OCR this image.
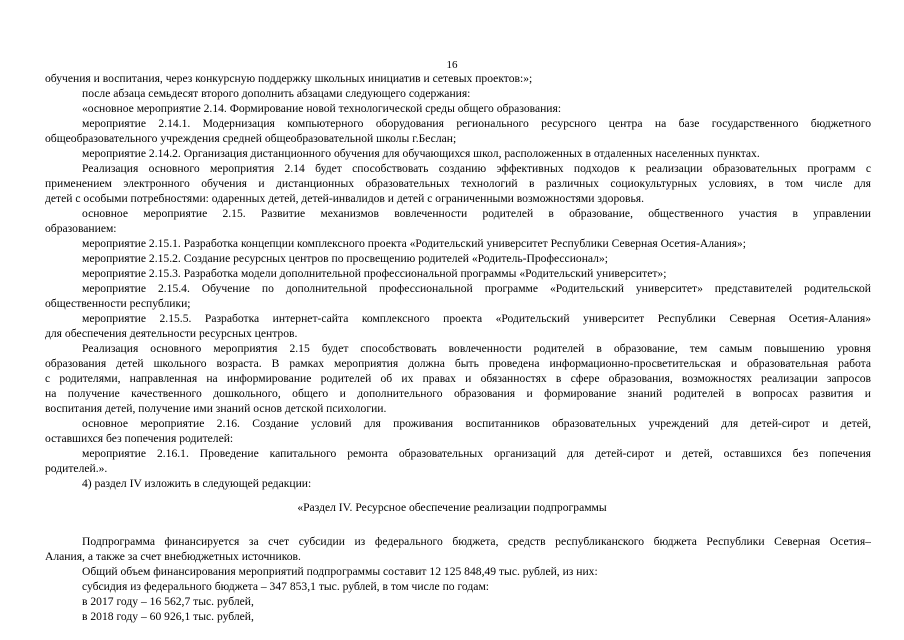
16
обучения и воспитания, через конкурсную поддержку школьных инициатив и сетевых проектов:»;
после абзаца семьдесят второго дополнить абзацами следующего содержания:
«основное мероприятие 2.14. Формирование новой технологической среды общего образования:
мероприятие 2.14.1. Модернизация компьютерного оборудования регионального ресурсного центра на базе государственного бюджетного
общеобразовательного учреждения средней общеобразовательной школы г.Беслан;
мероприятие 2.14.2. Организация дистанционного обучения для обучающихся школ, расположенных в отдаленных населенных пунктах.
Реализация основного мероприятия 2.14 будет способствовать созданию эффективных подходов к реализации образовательных программ с
применением электронного обучения и дистанционных образовательных технологий в различных социокультурных условиях, в том числе для
детей с особыми потребностями: одаренных детей, детей-инвалидов и детей с ограниченными возможностями здоровья.
основное мероприятие 2.15. Развитие механизмов вовлеченности родителей в образование, общественного участия в управлении
образованием:
мероприятие 2.15.1. Разработка концепции комплексного проекта «Родительский университет Республики Северная Осетия-Алания»;
мероприятие 2.15.2. Создание ресурсных центров по просвещению родителей «Родитель-Профессионал»;
мероприятие 2.15.3. Разработка модели дополнительной профессиональной программы «Родительский университет»;
мероприятие 2.15.4. Обучение по дополнительной профессиональной программе «Родительский университет» представителей родительской
общественности республики;
мероприятие 2.15.5. Разработка интернет-сайта комплексного проекта «Родительский университет Республики Северная Осетия-Алания»
для обеспечения деятельности ресурсных центров.
Реализация основного мероприятия 2.15 будет способствовать вовлеченности родителей в образование, тем самым повышению уровня
образования детей школьного возраста. В рамках мероприятия должна быть проведена информационно-просветительская и образовательная работа
с родителями, направленная на информирование родителей об их правах и обязанностях в сфере образования, возможностях реализации запросов
на получение качественного дошкольного, общего и дополнительного образования и формирование знаний родителей в вопросах развития и
воспитания детей, получение ими знаний основ детской психологии.
основное мероприятие 2.16. Создание условий для проживания воспитанников образовательных учреждений для детей-сирот и детей,
оставшихся без попечения родителей:
мероприятие 2.16.1. Проведение капитального ремонта образовательных организаций для детей-сирот и детей, оставшихся без попечения
родителей.».
4) раздел IV изложить в следующей редакции:
«Раздел IV. Ресурсное обеспечение реализации подпрограммы
Подпрограмма финансируется за счет субсидии из федерального бюджета, средств республиканского бюджета Республики Северная Осетия–
Алания, а также за счет внебюджетных источников.
Общий объем финансирования мероприятий подпрограммы составит 12 125 848,49 тыс. рублей, из них:
субсидия из федерального бюджета – 347 853,1 тыс. рублей, в том числе по годам:
в 2017 году – 16 562,7 тыс. рублей,
в 2018 году – 60 926,1 тыс. рублей,
